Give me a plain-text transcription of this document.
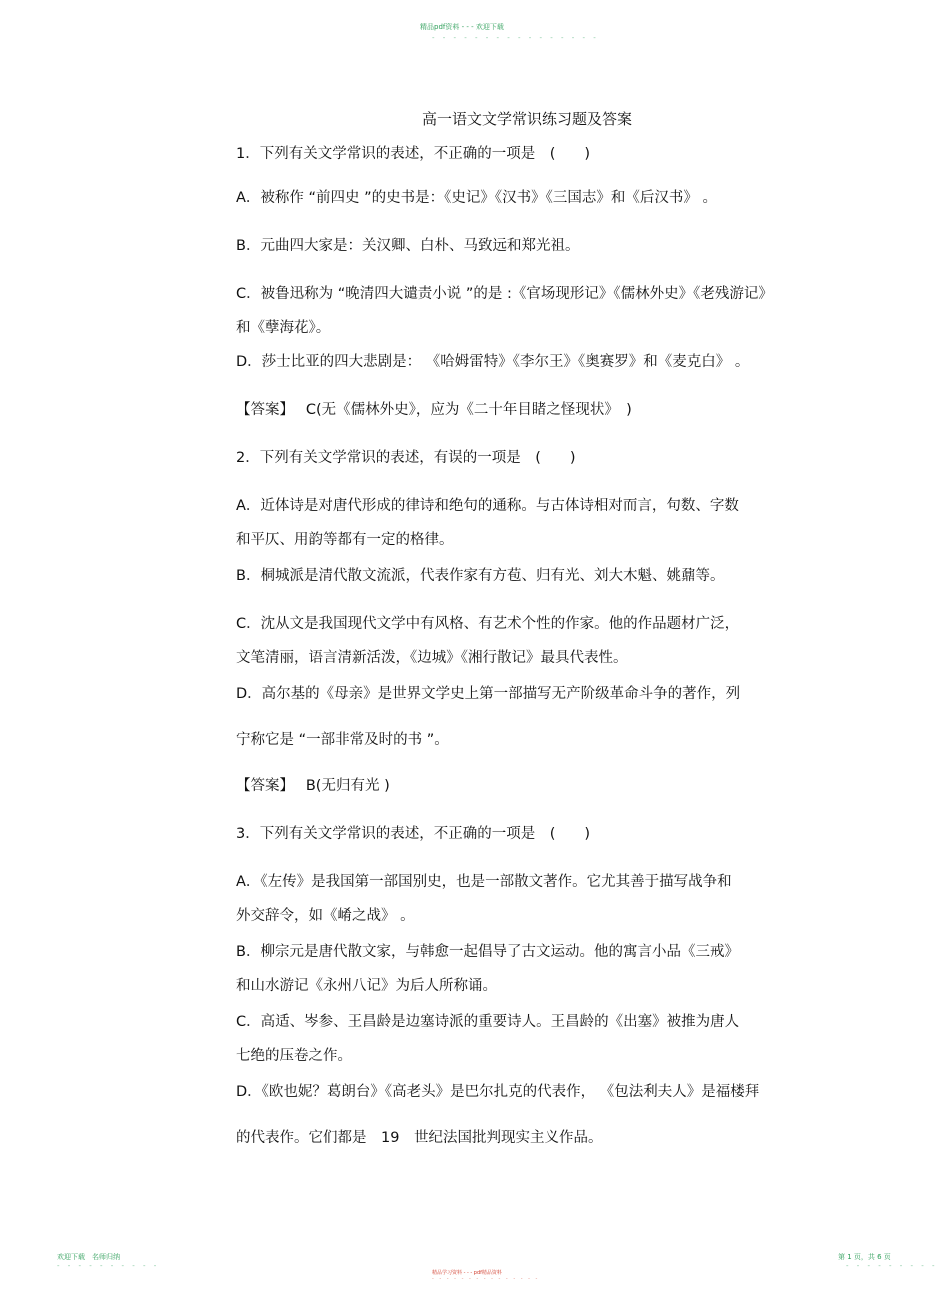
精品pdf资料 - - - 欢迎下载
- - - - - - - - - - - - - - - -
高一语文文学常识练习题及答案
1．下列有关文学常识的表述，不正确的一项是　(　　)
A．被称作 “前四史 ”的史书是：《史记》《汉书》《三国志》和《后汉书》 。
B．元曲四大家是：关汉卿、白朴、马致远和郑光祖。
C．被鲁迅称为 “晚清四大谴责小说 ”的是 :《官场现形记》《儒林外史》《老残游记》
和《孽海花》。
D．莎士比亚的四大悲剧是： 《哈姆雷特》《李尔王》《奥赛罗》和《麦克白》 。
【答案】　 C(无《儒林外史》，应为《二十年目睹之怪现状》　)
2．下列有关文学常识的表述，有误的一项是　(　　)
A．近体诗是对唐代形成的律诗和绝句的通称。与古体诗相对而言，句数、字数
和平仄、用韵等都有一定的格律。
B．桐城派是清代散文流派，代表作家有方苞、归有光、刘大木魁、姚鼐等。
C．沈从文是我国现代文学中有风格、有艺术个性的作家。他的作品题材广泛，
文笔清丽，语言清新活泼，《边城》《湘行散记》最具代表性。
D．高尔基的《母亲》是世界文学史上第一部描写无产阶级革命斗争的著作，列
宁称它是 “一部非常及时的书 ”。
【答案】　 B(无归有光 )
3．下列有关文学常识的表述，不正确的一项是　(　　)
A．《左传》是我国第一部国别史，也是一部散文著作。它尤其善于描写战争和
外交辞令，如《崤之战》 。
B．柳宗元是唐代散文家，与韩愈一起倡导了古文运动。他的寓言小品《三戒》
和山水游记《永州八记》为后人所称诵。
C．高适、岑参、王昌龄是边塞诗派的重要诗人。王昌龄的《出塞》被推为唐人
七绝的压卷之作。
D．《欧也妮？葛朗台》《高老头》是巴尔扎克的代表作， 《包法利夫人》是福楼拜
的代表作。它们都是　19　世纪法国批判现实主义作品。
欢迎下载　名师归纳
- - - - - - - - - -
精品学习资料 - - - pdf精品资料
- - - - - - - - - - - - - - -
第 1 页，共 6 页
- - - - - - - - -
